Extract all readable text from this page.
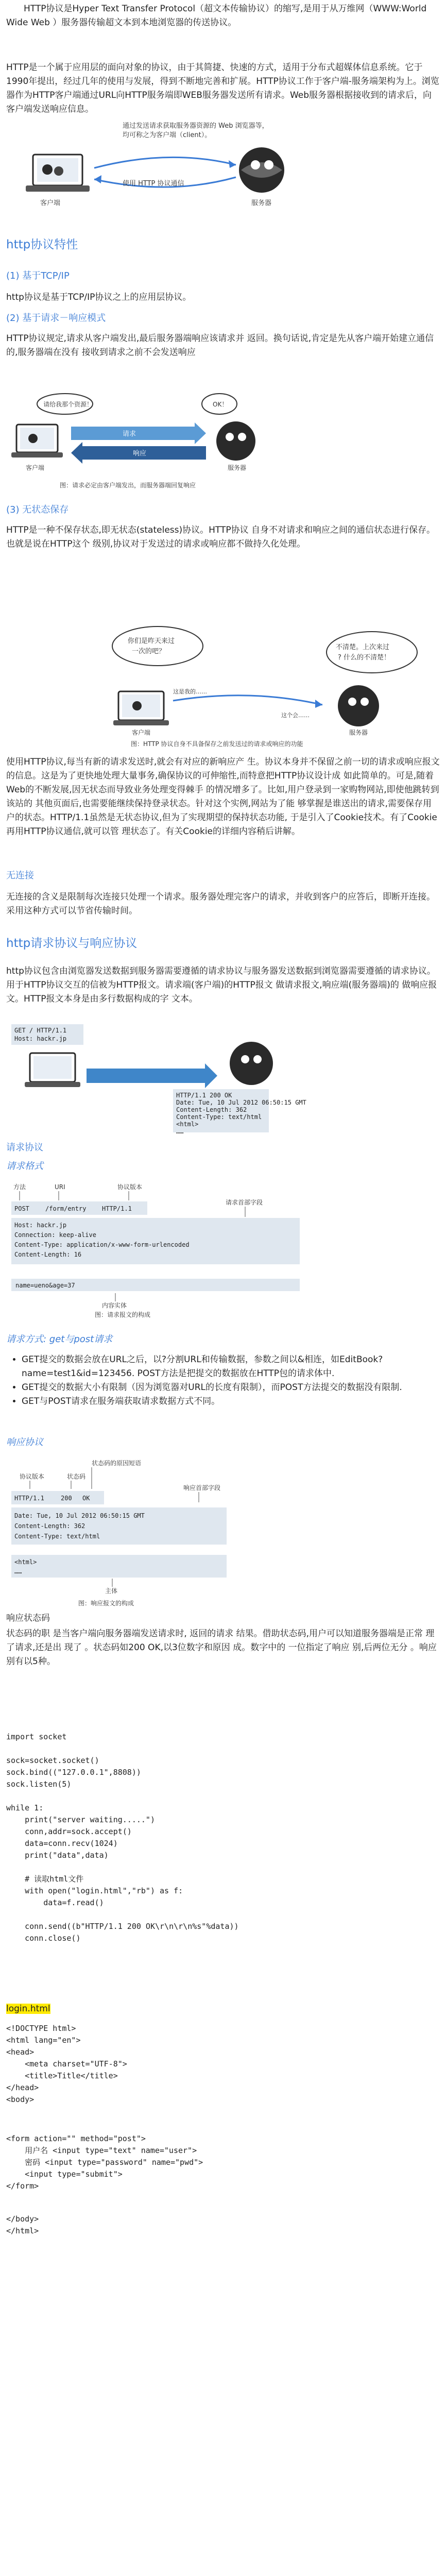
HTTP协议是Hyper Text Transfer Protocol（超文本传输协议）的缩写,是用于从万维网（WWW:World Wide Web ）服务器传输超文本到本地浏览器的传送协议。

HTTP是一个属于应用层的面向对象的协议，由于其简捷、快速的方式，适用于分布式超媒体信息系统。它于1990年提出，经过几年的使用与发展，得到不断地完善和扩展。HTTP协议工作于客户端-服务端架构为上。浏览器作为HTTP客户端通过URL向HTTP服务端即WEB服务器发送所有请求。Web服务器根据接收到的请求后，向客户端发送响应信息。

通过发送请求获取服务器资源的 Web 浏览器等，
均可称之为客户端（client）。
客户端	服务器
使用 HTTP 协议通信
http协议特性
(1) 基于TCP/IP

http协议是基于TCP/IP协议之上的应用层协议。

(2) 基于请求－响应模式

HTTP协议规定,请求从客户端发出,最后服务器端响应该请求并 返回。换句话说,肯定是先从客户端开始建立通信的,服务器端在没有 接收到请求之前不会发送响应

请给我那个资源！	OK！
请求
响应
客户端	服务器
图：请求必定由客户端发出，而服务器端回复响应
(3) 无状态保存

HTTP是一种不保存状态,即无状态(stateless)协议。HTTP协议 自身不对请求和响应之间的通信状态进行保存。也就是说在HTTP这个 级别,协议对于发送过的请求或响应都不做持久化处理。

你们是昨天来过
一次的吧？
不清楚。上次来过
? 什么的不清楚！
这是我的……
这个会……
客户端	服务器
图：HTTP 协议自身不具备保存之前发送过的请求或响应的功能

使用HTTP协议,每当有新的请求发送时,就会有对应的新响应产 生。协议本身并不保留之前一切的请求或响应报文的信息。这是为了更快地处理大量事务,确保协议的可伸缩性,而特意把HTTP协议设计成 如此简单的。可是,随着Web的不断发展,因无状态而导致业务处理变得棘手 的情况增多了。比如,用户登录到一家购物网站,即使他跳转到该站的 其他页面后,也需要能继续保持登录状态。针对这个实例,网站为了能 够掌握是谁送出的请求,需要保存用户的状态。HTTP/1.1虽然是无状态协议,但为了实现期望的保持状态功能, 于是引入了Cookie技术。有了Cookie再用HTTP协议通信,就可以管 理状态了。有关Cookie的详细内容稍后讲解。

无连接

无连接的含义是限制每次连接只处理一个请求。服务器处理完客户的请求，并收到客户的应答后，即断开连接。采用这种方式可以节省传输时间。

http请求协议与响应协议

http协议包含由浏览器发送数据到服务器需要遵循的请求协议与服务器发送数据到浏览器需要遵循的请求协议。用于HTTP协议交互的信被为HTTP报文。请求端(客户端)的HTTP报文 做请求报文,响应端(服务器端)的 做响应报文。HTTP报文本身是由多行数据构成的字 文本。

GET / HTTP/1.1
Host: hackr.jp
HTTP/1.1 200 OK
Date: Tue, 10 Jul 2012 06:50:15 GMT
Content-Length: 362
Content-Type: text/html
<html>
……
请求协议
请求格式
方法	URI	协议版本
请求首部字段
POST	/form/entry	HTTP/1.1
Host: hackr.jp
Connection: keep-alive
Content-Type: application/x-www-form-urlencoded
Content-Length: 16
name=ueno&age=37
内容实体
图：请求报文的构成
请求方式: get与post请求
• GET提交的数据会放在URL之后，以?分割URL和传输数据，参数之间以&相连，如EditBook?name=test1&id=123456. POST方法是把提交的数据放在HTTP包的请求体中.
• GET提交的数据大小有限制（因为浏览器对URL的长度有限制），而POST方法提交的数据没有限制.
• GET与POST请求在服务端获取请求数据方式不同。
响应协议
协议版本	状态码
状态码的原因短语
响应首部字段
HTTP/1.1	200 OK
Date: Tue, 10 Jul 2012 06:50:15 GMT
Content-Length: 362
Content-Type: text/html
<html>
……
主体
图：响应报文的构成
响应状态码

状态码的职 是当客户端向服务器端发送请求时, 返回的请求 结果。借助状态码,用户可以知道服务器端是正常 理了请求,还是出 现了 。状态码如200 OK,以3位数字和原因 成。数字中的 一位指定了响应 别,后两位无分 。响应 别有以5种。

import socket

sock=socket.socket()
sock.bind(("127.0.0.1",8808))
sock.listen(5)

while 1:
print("server waiting.....")
conn,addr=sock.accept()
data=conn.recv(1024)
print("data",data)

# 读取html文件
with open("login.html","rb") as f:
data=f.read()

conn.send((b"HTTP/1.1 200 OK\r\n\r\n%s"%data))
conn.close()
login.html
<!DOCTYPE html>
<html lang="en">
<head>
<meta charset="UTF-8">
<title>Title</title>
</head>
<body>
<form action="" method="post">
用户名 <input type="text" name="user">
密码 <input type="password" name="pwd">
<input type="submit">
</form>
</body>
</html>
